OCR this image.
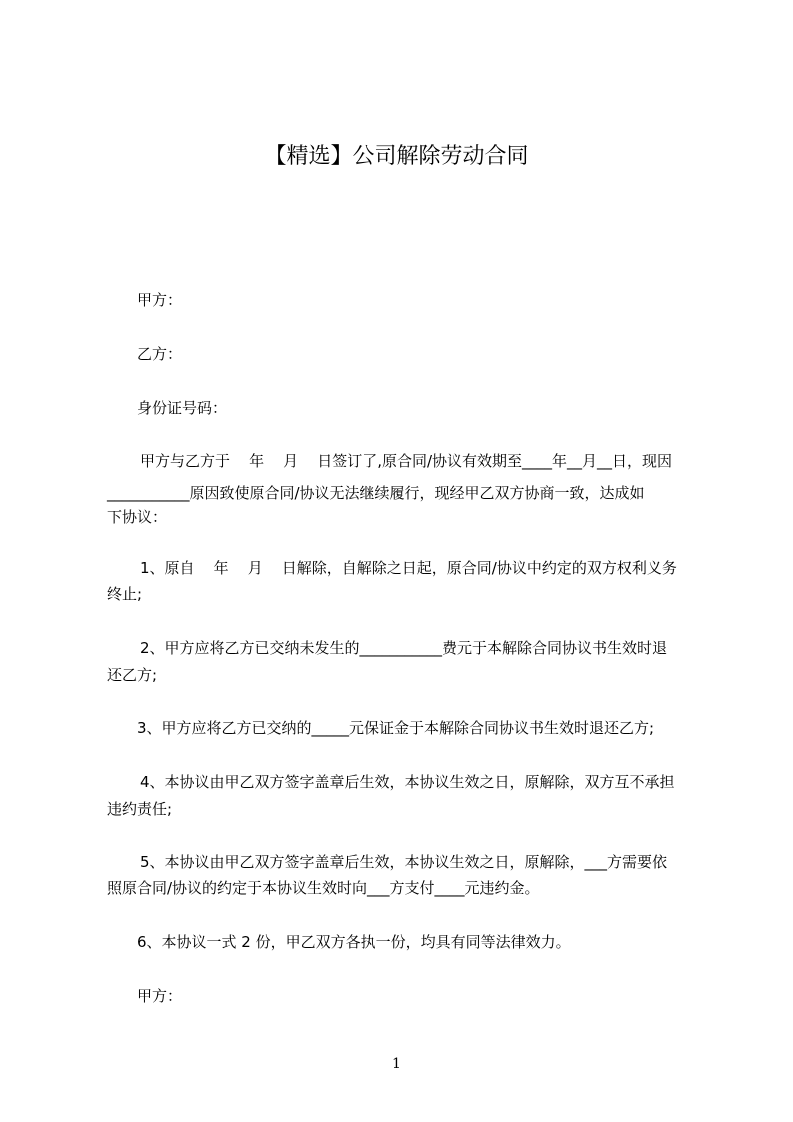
【精选】公司解除劳动合同

甲方：

乙方：

身份证号码：

甲方与乙方于    年    月    日签订了,原合同/协议有效期至____年__月__日，现因

___________原因致使原合同/协议无法继续履行，现经甲乙双方协商一致，达成如

下协议：

1、原自    年    月    日解除，自解除之日起，原合同/协议中约定的双方权利义务

终止;

2、甲方应将乙方已交纳未发生的___________费元于本解除合同协议书生效时退

还乙方;

3、甲方应将乙方已交纳的_____元保证金于本解除合同协议书生效时退还乙方;

4、本协议由甲乙双方签字盖章后生效，本协议生效之日，原解除，双方互不承担

违约责任;

5、本协议由甲乙双方签字盖章后生效，本协议生效之日，原解除，___方需要依

照原合同/协议的约定于本协议生效时向___方支付____元违约金。

6、本协议一式 2 份，甲乙双方各执一份，均具有同等法律效力。

甲方：

1
